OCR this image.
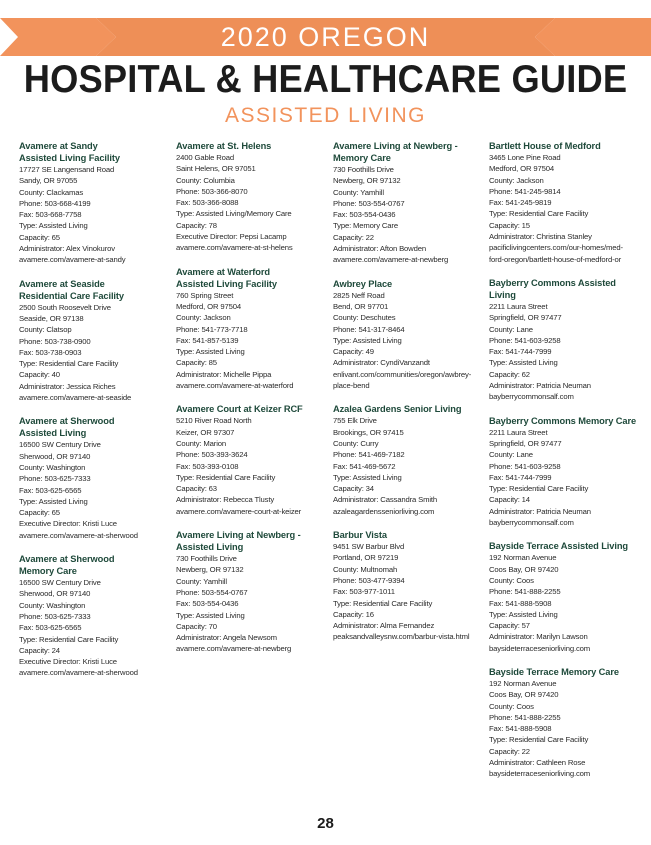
2020 OREGON
HOSPITAL & HEALTHCARE GUIDE
ASSISTED LIVING
Avamere at Sandy
Assisted Living Facility
17727 SE Langensand Road
Sandy, OR 97055
County: Clackamas
Phone: 503-668-4199
Fax: 503-668-7758
Type: Assisted Living
Capacity: 65
Administrator: Alex Vinokurov
avamere.com/avamere-at-sandy
Avamere at Seaside
Residential Care Facility
2500 South Roosevelt Drive
Seaside, OR 97138
County: Clatsop
Phone: 503-738-0900
Fax: 503-738-0903
Type: Residential Care Facility
Capacity: 40
Administrator: Jessica Riches
avamere.com/avamere-at-seaside
Avamere at Sherwood
Assisted Living
16500 SW Century Drive
Sherwood, OR 97140
County: Washington
Phone: 503-625-7333
Fax: 503-625-6565
Type: Assisted Living
Capacity: 65
Executive Director: Kristi Luce
avamere.com/avamere-at-sherwood
Avamere at Sherwood
Memory Care
16500 SW Century Drive
Sherwood, OR 97140
County: Washington
Phone: 503-625-7333
Fax: 503-625-6565
Type: Residential Care Facility
Capacity: 24
Executive Director: Kristi Luce
avamere.com/avamere-at-sherwood
Avamere at St. Helens
2400 Gable Road
Saint Helens, OR 97051
County: Columbia
Phone: 503-366-8070
Fax: 503-366-8088
Type: Assisted Living/Memory Care
Capacity: 78
Executive Director: Pepsi Lacamp
avamere.com/avamere-at-st-helens
Avamere at Waterford
Assisted Living Facility
760 Spring Street
Medford, OR 97504
County: Jackson
Phone: 541-773-7718
Fax: 541-857-5139
Type: Assisted Living
Capacity: 85
Administrator: Michelle Pippa
avamere.com/avamere-at-waterford
Avamere Court at Keizer RCF
5210 River Road North
Keizer, OR 97307
County: Marion
Phone: 503-393-3624
Fax: 503-393-0108
Type: Residential Care Facility
Capacity: 63
Administrator: Rebecca Tlusty
avamere.com/avamere-court-at-keizer
Avamere Living at Newberg -
Assisted Living
730 Foothills Drive
Newberg, OR 97132
County: Yamhill
Phone: 503-554-0767
Fax: 503-554-0436
Type: Assisted Living
Capacity: 70
Administrator: Angela Newsom
avamere.com/avamere-at-newberg
Avamere Living at Newberg -
Memory Care
730 Foothills Drive
Newberg, OR 97132
County: Yamhill
Phone: 503-554-0767
Fax: 503-554-0436
Type: Memory Care
Capacity: 22
Administrator: Afton Bowden
avamere.com/avamere-at-newberg
Awbrey Place
2825 Neff Road
Bend, OR 97701
County: Deschutes
Phone: 541-317-8464
Type: Assisted Living
Capacity: 49
Administrator: CyndiVanzandt
enlivant.com/communities/oregon/awbrey-
place-bend
Azalea Gardens Senior Living
755 Elk Drive
Brookings, OR 97415
County: Curry
Phone: 541-469-7182
Fax: 541-469-5672
Type: Assisted Living
Capacity: 34
Administrator: Cassandra Smith
azaleagardensseniorliving.com
Barbur Vista
9451 SW Barbur Blvd
Portland, OR 97219
County: Multnomah
Phone: 503-477-9394
Fax: 503-977-1011
Type: Residential Care Facility
Capacity: 16
Administrator: Alma Fernandez
peaksandvalleysnw.com/barbur-vista.html
Bartlett House of Medford
3465 Lone Pine Road
Medford, OR 97504
County: Jackson
Phone: 541-245-9814
Fax: 541-245-9819
Type: Residential Care Facility
Capacity: 15
Administrator: Christina Stanley
pacificlivingcenters.com/our-homes/med-
ford-oregon/bartlett-house-of-medford-or
Bayberry Commons Assisted Living
2211 Laura Street
Springfield, OR 97477
County: Lane
Phone: 541-603-9258
Fax: 541-744-7999
Type: Assisted Living
Capacity: 62
Administrator: Patricia Neuman
bayberrycommonsalf.com
Bayberry Commons Memory Care
2211 Laura Street
Springfield, OR 97477
County: Lane
Phone: 541-603-9258
Fax: 541-744-7999
Type: Residential Care Facility
Capacity: 14
Administrator: Patricia Neuman
bayberrycommonsalf.com
Bayside Terrace Assisted Living
192 Norman Avenue
Coos Bay, OR 97420
County: Coos
Phone: 541-888-2255
Fax: 541-888-5908
Type: Assisted Living
Capacity: 57
Administrator: Marilyn Lawson
baysideterraceseniorliving.com
Bayside Terrace Memory Care
192 Norman Avenue
Coos Bay, OR 97420
County: Coos
Phone: 541-888-2255
Fax: 541-888-5908
Type: Residential Care Facility
Capacity: 22
Administrator: Cathleen Rose
baysideterraceseniorliving.com
28
